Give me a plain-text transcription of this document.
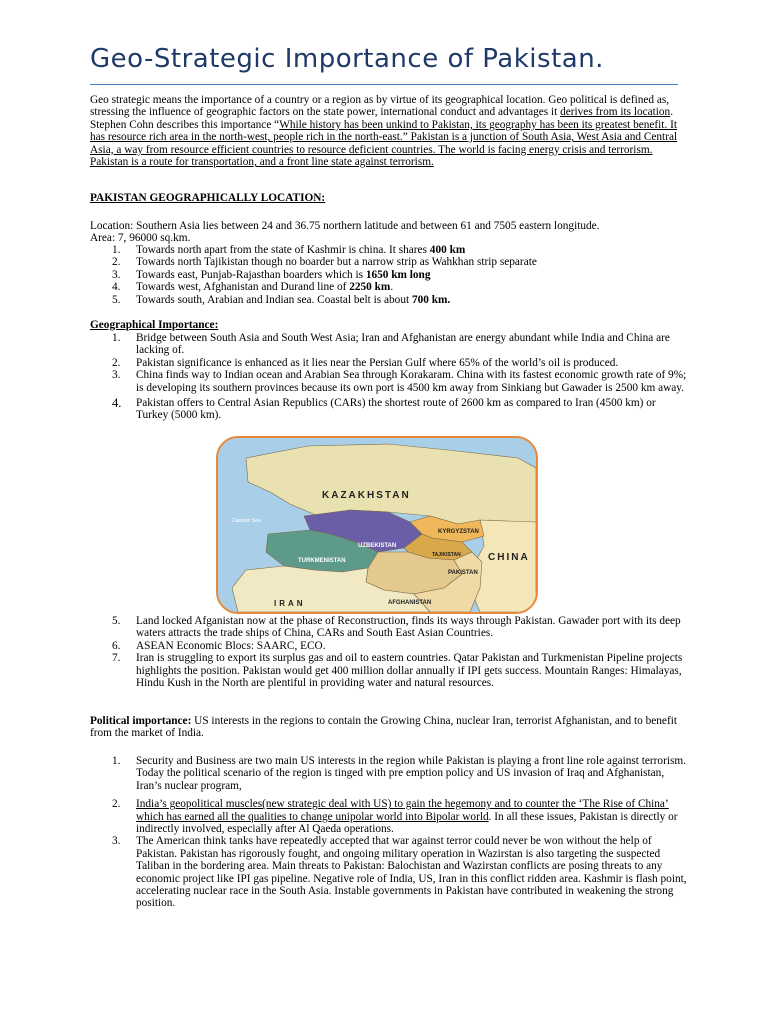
Geo-Strategic Importance of Pakistan.

Geo strategic means the importance of a country or a region as by virtue of its geographical location. Geo political is defined as, stressing the influence of geographic factors on the state power, international conduct and advantages it derives from its location. Stephen Cohn describes this importance “While history has been unkind to Pakistan, its geography has been its greatest benefit. It has resource rich area in the north-west, people rich in the north-east.” Pakistan is a junction of South Asia, West Asia and Central Asia, a way from resource efficient countries to resource deficient countries. The world is facing energy crisis and terrorism. Pakistan is a route for transportation, and a front line state against terrorism.

PAKISTAN GEOGRAPHICALLY LOCATION:

Location: Southern Asia lies between 24 and 36.75 northern latitude and between 61 and 7505 eastern longitude.

Area: 7, 96000 sq.km.

1. Towards north apart from the state of Kashmir is china. It shares 400 km
2. Towards north Tajikistan though no boarder but a narrow strip as Wahkhan strip separate
3. Towards east, Punjab-Rajasthan boarders which is 1650 km long
4. Towards west, Afghanistan and Durand line of 2250 km.
5. Towards south, Arabian and Indian sea. Coastal belt is about 700 km.

Geographical Importance:

1. Bridge between South Asia and South West Asia; Iran and Afghanistan are energy abundant while India and China are lacking of.
2. Pakistan significance is enhanced as it lies near the Persian Gulf where 65% of the world’s oil is produced.
3. China finds way to Indian ocean and Arabian Sea through Korakaram. China with its fastest economic growth rate of 9%; is developing its southern provinces because its own port is 4500 km away from Sinkiang but Gawader is 2500 km away.
4. Pakistan offers to Central Asian Republics (CARs) the shortest route of 2600 km as compared to Iran (4500 km) or Turkey (5000 km).
KAZAKHSTAN
UZBEKISTAN
TURKMENISTAN
KYRGYZSTAN
TAJIKISTAN	CHINA
IRAN	AFGHANISTAN
PAKISTAN
Caspian Sea
5. Land locked Afganistan now at the phase of Reconstruction, finds its ways through Pakistan. Gawader port with its deep waters attracts the trade ships of China, CARs and South East Asian Countries.
6. ASEAN Economic Blocs: SAARC, ECO.
7. Iran is struggling to export its surplus gas and oil to eastern countries. Qatar Pakistan and Turkmenistan Pipeline projects highlights the position. Pakistan would get 400 million dollar annually if IPI gets success. Mountain Ranges: Himalayas, Hindu Kush in the North are plentiful in providing water and natural resources.

Political importance: US interests in the regions to contain the Growing China, nuclear Iran, terrorist Afghanistan, and to benefit from the market of India.

1. Security and Business are two main US interests in the region while Pakistan is playing a front line role against terrorism. Today the political scenario of the region is tinged with pre emption policy and US invasion of Iraq and Afghanistan, Iran’s nuclear program,
2. India’s geopolitical muscles(new strategic deal with US) to gain the hegemony and to counter the ‘The Rise of China’ which has earned all the qualities to change unipolar world into Bipolar world. In all these issues, Pakistan is directly or indirectly involved, especially after Al Qaeda operations.
3. The American think tanks have repeatedly accepted that war against terror could never be won without the help of Pakistan. Pakistan has rigorously fought, and ongoing military operation in Wazirstan is also targeting the suspected Taliban in the bordering area. Main threats to Pakistan: Balochistan and Wazirstan conflicts are posing threats to any economic project like IPI gas pipeline. Negative role of India, US, Iran in this conflict ridden area. Kashmir is flash point, accelerating nuclear race in the South Asia. Instable governments in Pakistan have contributed in weakening the strong position.
